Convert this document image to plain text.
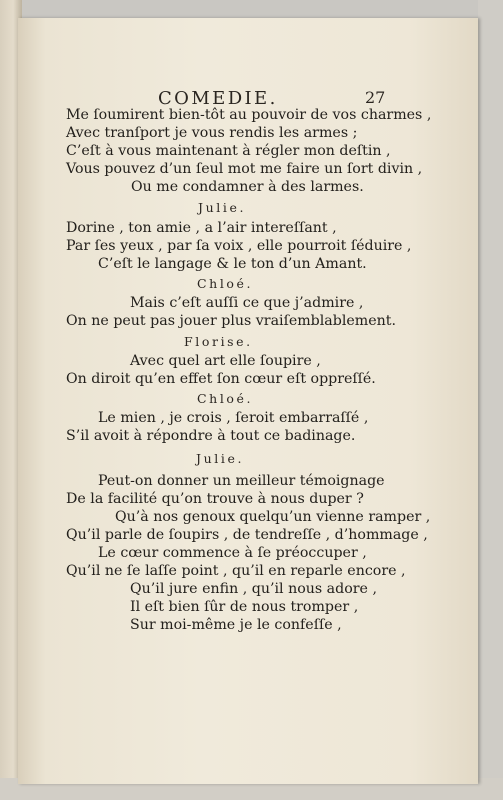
COMEDIE.	27
Me ſoumirent bien-tôt au pouvoir de vos charmes ,
Avec tranſport je vous rendis les armes ;
C’eſt à vous maintenant à régler mon deſtin ,
Vous pouvez d’un ſeul mot me faire un ſort divin ,
Ou me condamner à des larmes.
Julie.
Dorine , ton amie , a l’air intereſſant ,
Par ſes yeux , par ſa voix , elle pourroit ſéduire ,
C’eſt le langage & le ton d’un Amant.
Chloé.
Mais c’eſt auſſi ce que j’admire ,
On ne peut pas jouer plus vraiſemblablement.
Florise.
Avec quel art elle ſoupire ,
On diroit qu’en effet ſon cœur eſt oppreſſé.
Chloé.
Le mien , je crois , ſeroit embarraſſé ,
S’il avoit à répondre à tout ce badinage.
Julie.
Peut-on donner un meilleur témoignage
De la facilité qu’on trouve à nous duper ?
Qu’à nos genoux quelqu’un vienne ramper ,
Qu’il parle de ſoupirs , de tendreſſe , d’hommage ,
Le cœur commence à ſe préoccuper ,
Qu’il ne ſe laſſe point , qu’il en reparle encore ,
Qu’il jure enfin , qu’il nous adore ,
Il eſt bien ſûr de nous tromper ,
Sur moi-même je le confeſſe ,
